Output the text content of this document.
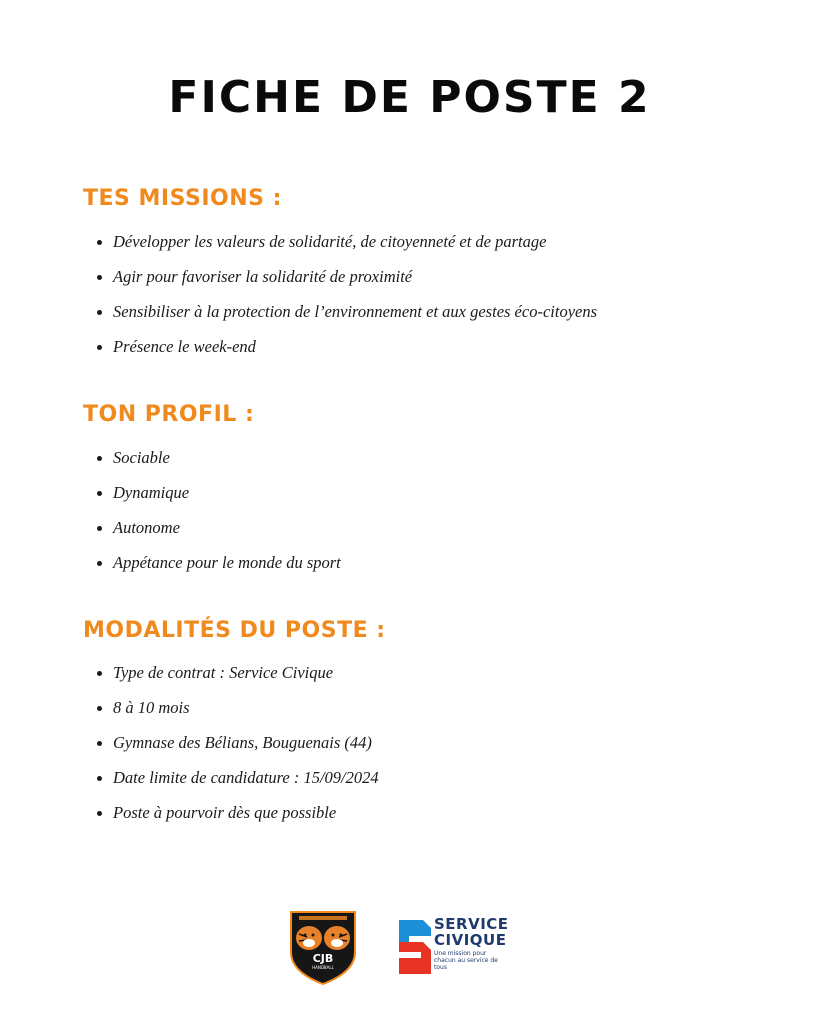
FICHE DE POSTE 2
TES MISSIONS :
Développer les valeurs de solidarité, de citoyenneté et de partage
Agir pour favoriser la solidarité de proximité
Sensibiliser à la protection de l’environnement et aux gestes éco-citoyens
Présence le week-end
TON PROFIL :
Sociable
Dynamique
Autonome
Appétance pour le monde du sport
MODALITÉS DU POSTE :
Type de contrat : Service Civique
8 à 10 mois
Gymnase des Bélians, Bouguenais (44)
Date limite de candidature : 15/09/2024
Poste à pourvoir dès que possible
CJB
HANDBALL
SERVICE
CIVIQUE
Une mission pour chacun au service de tous
